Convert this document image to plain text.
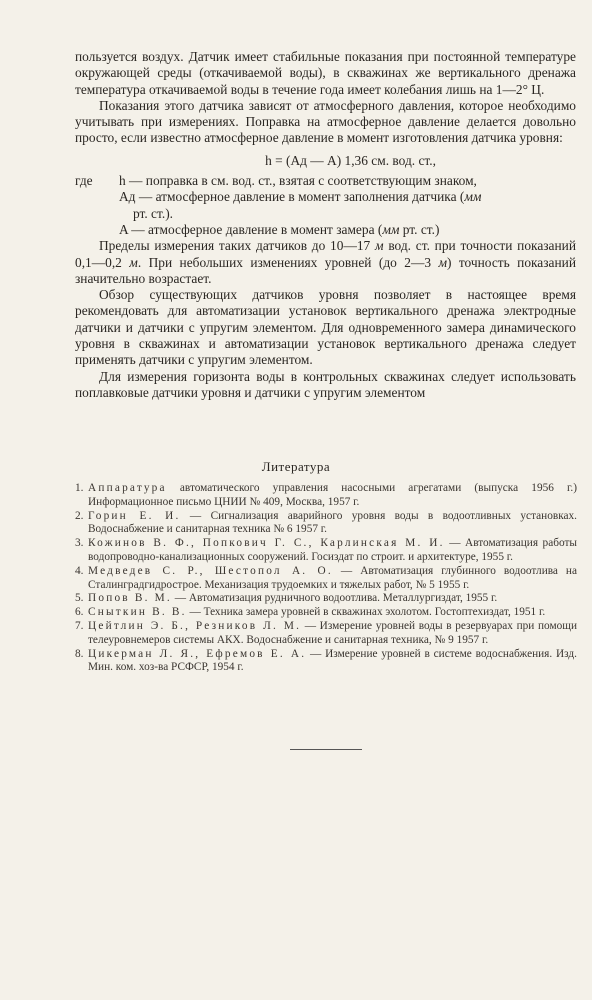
пользуется воздух. Датчик имеет стабильные показания при постоянной температуре окружающей среды (откачиваемой воды), в скважинах же вертикального дренажа температура откачиваемой воды в течение года имеет колебания лишь на 1—2° Ц.

Показания этого датчика зависят от атмосферного давления, которое необходимо учитывать при измерениях. Поправка на атмосферное давление делается довольно просто, если известно атмосферное давление в момент изготовления датчика уровня:

h = (Aд — A) 1,36 см. вод. ст.,

где	h — поправка в см. вод. ст., взятая с соответствующим знаком,
Aд — атмосферное давление в момент заполнения датчика (мм
рт. ст.).
A — атмосферное давление в момент замера (мм рт. ст.)

Пределы измерения таких датчиков до 10—17 м вод. ст. при точности показаний 0,1—0,2 м. При небольших изменениях уровней (до 2—3 м) точность показаний значительно возрастает.

Обзор существующих датчиков уровня позволяет в настоящее время рекомендовать для автоматизации установок вертикального дренажа электродные датчики и датчики с упругим элементом. Для одновременного замера динамического уровня в скважинах и автоматизации установок вертикального дренажа следует применять датчики с упругим элементом.

Для измерения горизонта воды в контрольных скважинах следует использовать поплавковые датчики уровня и датчики с упругим элементом

Литература
1. Аппаратура автоматического управления насосными агрегатами (выпуска 1956 г.) Информационное письмо ЦНИИ № 409, Москва, 1957 г.
2. Горин Е. И. — Сигнализация аварийного уровня воды в водоотливных установках. Водоснабжение и санитарная техника № 6 1957 г.
3. Кожинов В. Ф., Попкович Г. С., Карлинская М. И. — Автоматизация работы водопроводно-канализационных сооружений. Госиздат по строит. и архитектуре, 1955 г.
4. Медведев С. Р., Шестопол А. О. — Автоматизация глубинного водоотлива на Сталинградгидрострое. Механизация трудоемких и тяжелых работ, № 5 1955 г.
5. Попов В. М. — Автоматизация рудничного водоотлива. Металлургиздат, 1955 г.
6. Сныткин В. В. — Техника замера уровней в скважинах эхолотом. Гостоптехиздат, 1951 г.
7. Цейтлин Э. Б., Резников Л. М. — Измерение уровней воды в резервуарах при помощи телеуровнемеров системы АКХ. Водоснабжение и санитарная техника, № 9 1957 г.
8. Цикерман Л. Я., Ефремов Е. А. — Измерение уровней в системе водоснабжения. Изд. Мин. ком. хоз-ва РСФСР, 1954 г.
